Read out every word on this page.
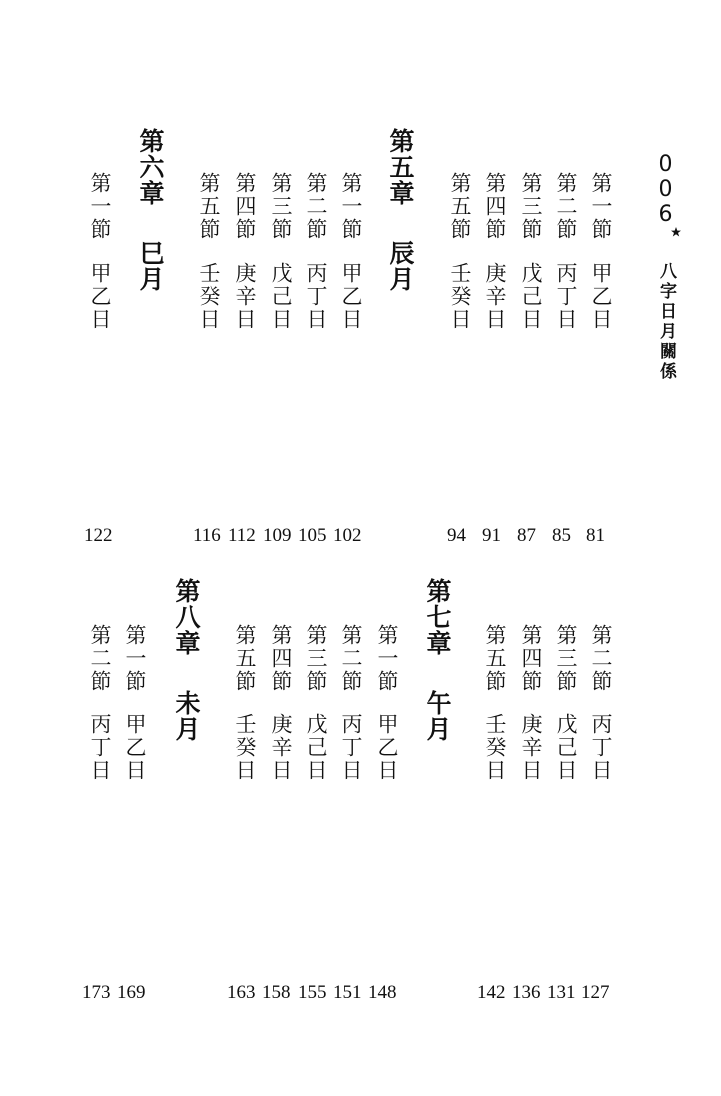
006
八字日月關係
第一節
甲乙日
第二節
丙丁日
第三節
戊己日
第四節
庚辛日
第五節
壬癸日
第五章
辰月
第一節
甲乙日
第二節
丙丁日
第三節
戊己日
第四節
庚辛日
第五節
壬癸日
第六章
巳月
第一節
甲乙日
81
85
87
91
94
102
105
109
112
116
122
第二節
丙丁日
第三節
戊己日
第四節
庚辛日
第五節
壬癸日
第七章
午月
第一節
甲乙日
第二節
丙丁日
第三節
戊己日
第四節
庚辛日
第五節
壬癸日
第八章
未月
第一節
甲乙日
第二節
丙丁日
127
131
136
142
148
151
155
158
163
169
173
